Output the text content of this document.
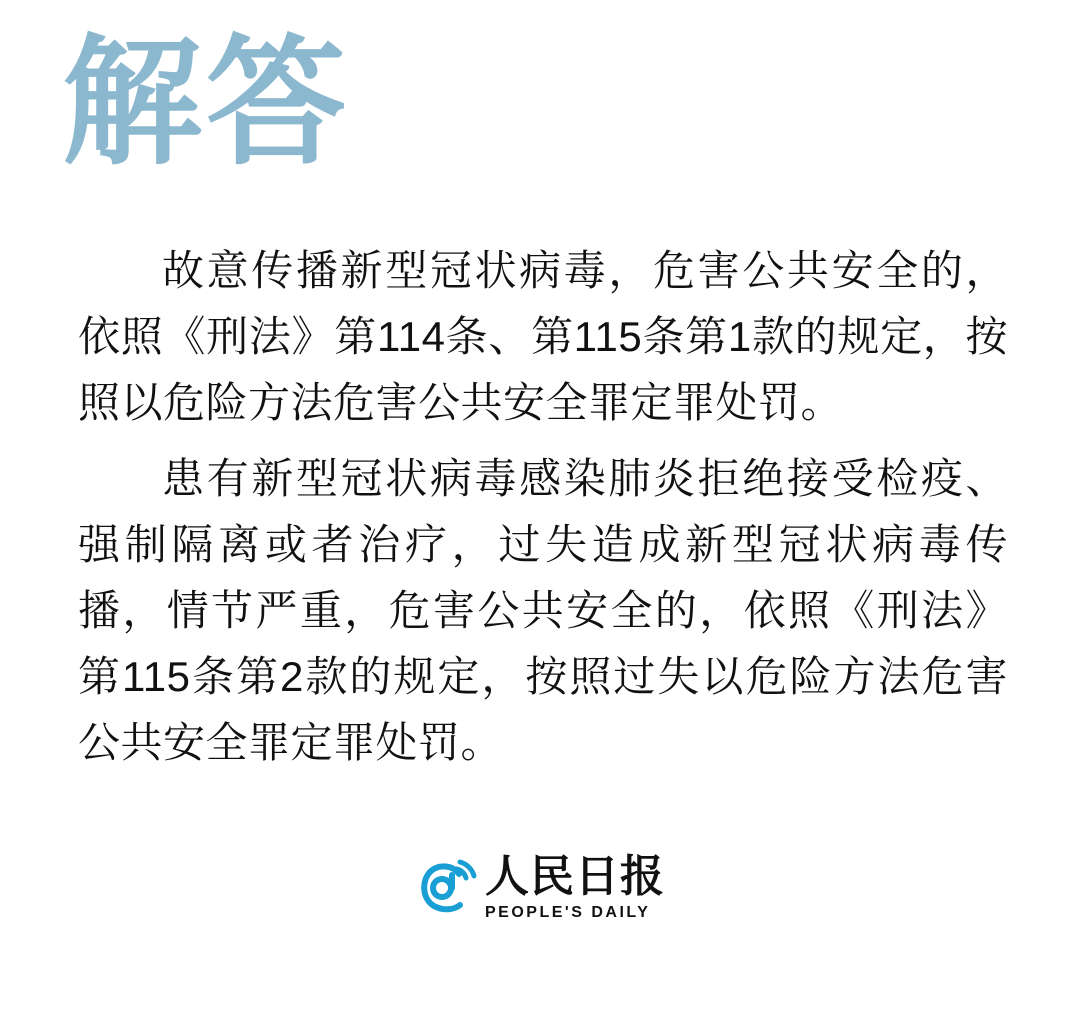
解答

故意传播新型冠状病毒，危害公共安全的，依照《刑法》第114条、第115条第1款的规定，按照以危险方法危害公共安全罪定罪处罚。

患有新型冠状病毒感染肺炎拒绝接受检疫、强制隔离或者治疗，过失造成新型冠状病毒传播，情节严重，危害公共安全的，依照《刑法》第115条第2款的规定，按照过失以危险方法危害公共安全罪定罪处罚。

人民日报
PEOPLE'S DAILY
